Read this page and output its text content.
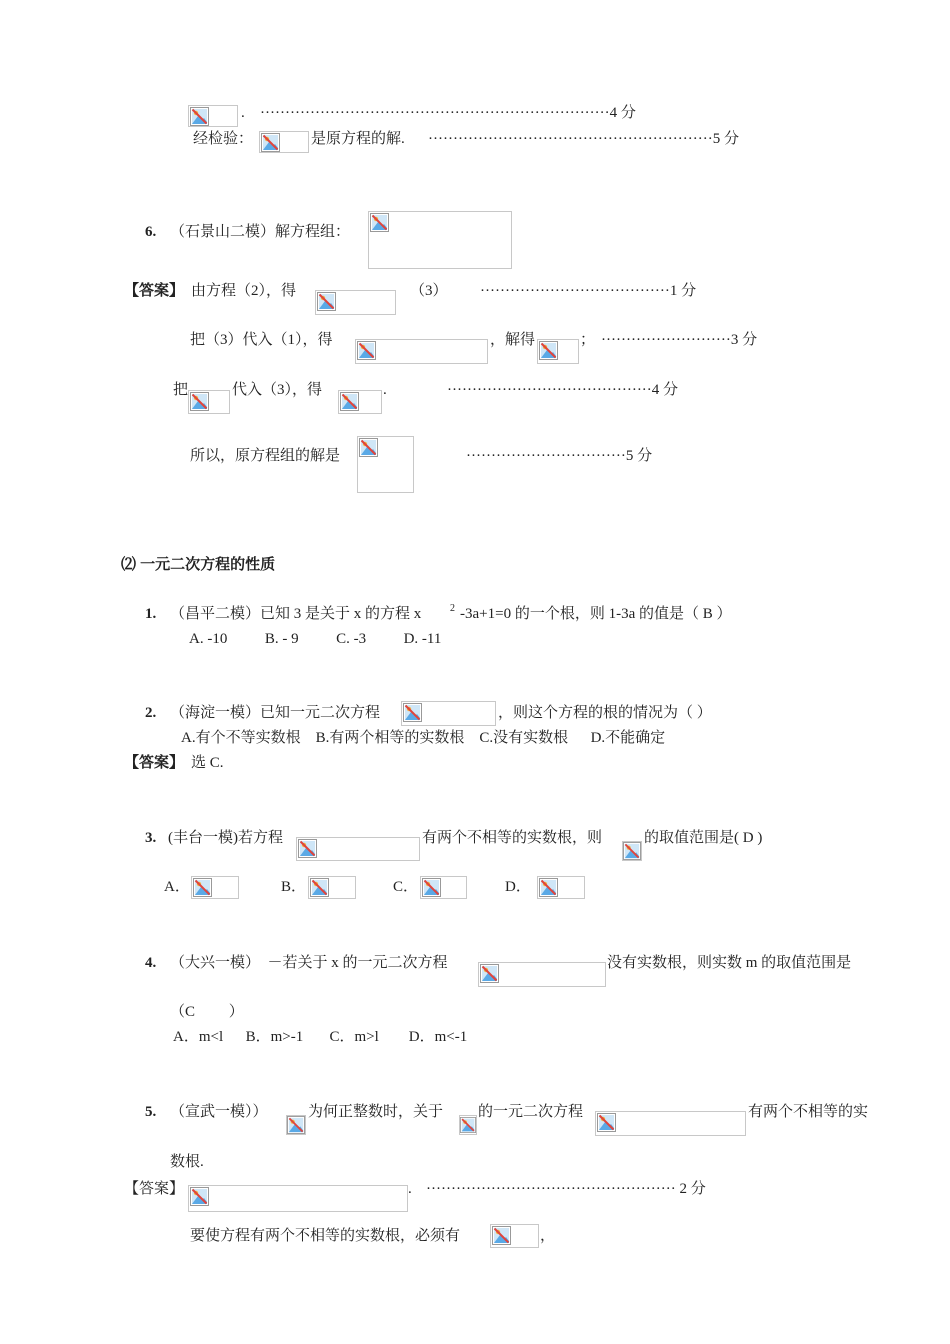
. ······································································4 分
经检验：	是原方程的解. ·························································5 分
6. （石景山二模）解方程组：
【答案】 由方程（2），得	（3） ······································1 分
把（3）代入（1），得	，解得	； ··························3 分
把	代入（3），得	.	·········································4 分
所以，原方程组的解是	································5 分
⑵ 一元二次方程的性质
1. （昌平二模）已知 3 是关于 x 的方程 x	2 -3a+1=0 的一个根，则 1-3a 的值是（ B ）
A. -10          B. - 9          C. -3          D. -11
2. （海淀一模）已知一元二次方程	，则这个方程的根的情况为（ ）
A.有个不等实数根    B.有两个相等的实数根    C.没有实数根      D.不能确定
【答案】 选 C.
3. (丰台一模)若方程	有两个不相等的实数根，则	的取值范围是( D )
A．	B．	C．	D．
4. （大兴一模）  －若关于 x 的一元二次方程	没有实数根，则实数 m 的取值范围是
（C         ）
A．m<l      B．m>-1       C．m>l        D．m<-1
5. （宣武一模））	为何正整数时，关于 的一元二次方程	有两个不相等的实
数根.
【答案】	. ·················································· 2 分
要使方程有两个不相等的实数根，必须有	，
